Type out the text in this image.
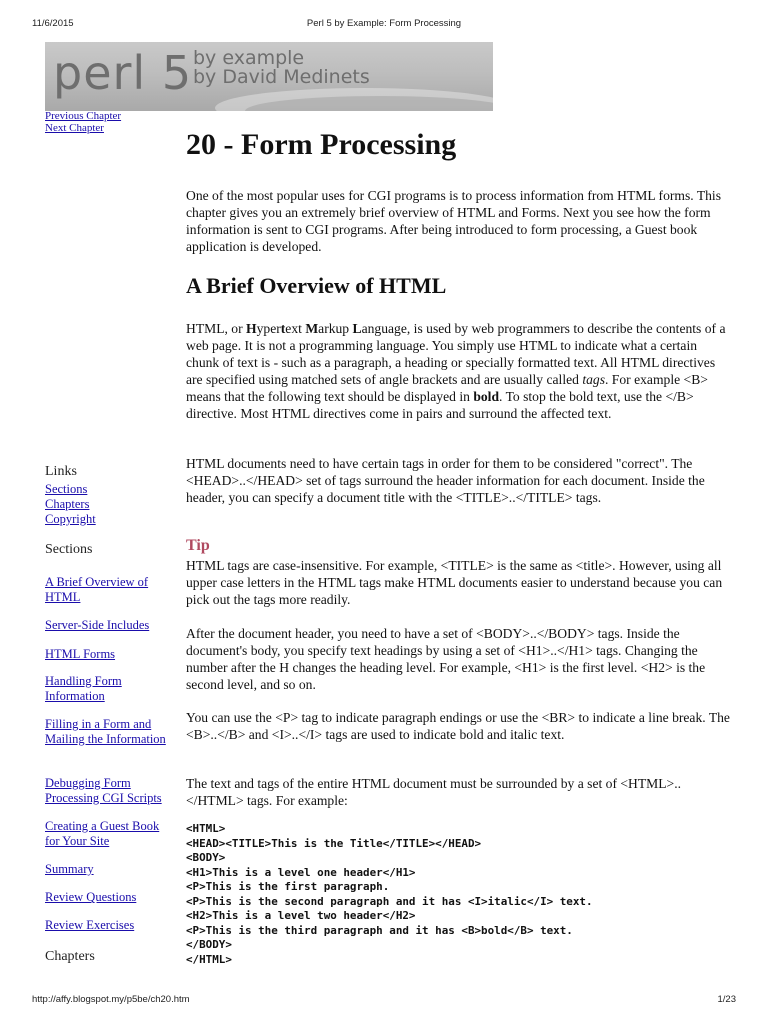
11/6/2015	Perl 5 by Example: Form Processing
perl 5 by example
by David Medinets
Previous Chapter
Next Chapter
Links
Sections
Chapters
Copyright
Sections
A Brief Overview of HTML
Server-Side Includes
HTML Forms
Handling Form Information
Filling in a Form and Mailing the Information
Debugging Form Processing CGI Scripts
Creating a Guest Book for Your Site
Summary
Review Questions
Review Exercises
Chapters
20 - Form Processing

One of the most popular uses for CGI programs is to process information from HTML forms. This chapter gives you an extremely brief overview of HTML and Forms. Next you see how the form information is sent to CGI programs. After being introduced to form processing, a Guest book application is developed.

A Brief Overview of HTML

HTML, or Hypertext Markup Language, is used by web programmers to describe the contents of a web page. It is not a programming language. You simply use HTML to indicate what a certain chunk of text is - such as a paragraph, a heading or specially formatted text. All HTML directives are specified using matched sets of angle brackets and are usually called tags. For example <B> means that the following text should be displayed in bold. To stop the bold text, use the </B> directive. Most HTML directives come in pairs and surround the affected text.

HTML documents need to have certain tags in order for them to be considered "correct". The <HEAD>..</HEAD> set of tags surround the header information for each document. Inside the header, you can specify a document title with the <TITLE>..</TITLE> tags.

Tip

HTML tags are case-insensitive. For example, <TITLE> is the same as <title>. However, using all upper case letters in the HTML tags make HTML documents easier to understand because you can pick out the tags more readily.

After the document header, you need to have a set of <BODY>..</BODY> tags. Inside the document's body, you specify text headings by using a set of <H1>..</H1> tags. Changing the number after the H changes the heading level. For example, <H1> is the first level. <H2> is the second level, and so on.

You can use the <P> tag to indicate paragraph endings or use the <BR> to indicate a line break. The <B>..</B> and <I>..</I> tags are used to indicate bold and italic text.

The text and tags of the entire HTML document must be surrounded by a set of <HTML>..</HTML> tags. For example:

<HTML>
<HEAD><TITLE>This is the Title</TITLE></HEAD>
<BODY>
<H1>This is a level one header</H1>
<P>This is the first paragraph.
<P>This is the second paragraph and it has <I>italic</I> text.
<H2>This is a level two header</H2>
<P>This is the third paragraph and it has <B>bold</B> text.
</BODY>
</HTML>
http://affy.blogspot.my/p5be/ch20.htm	1/23
